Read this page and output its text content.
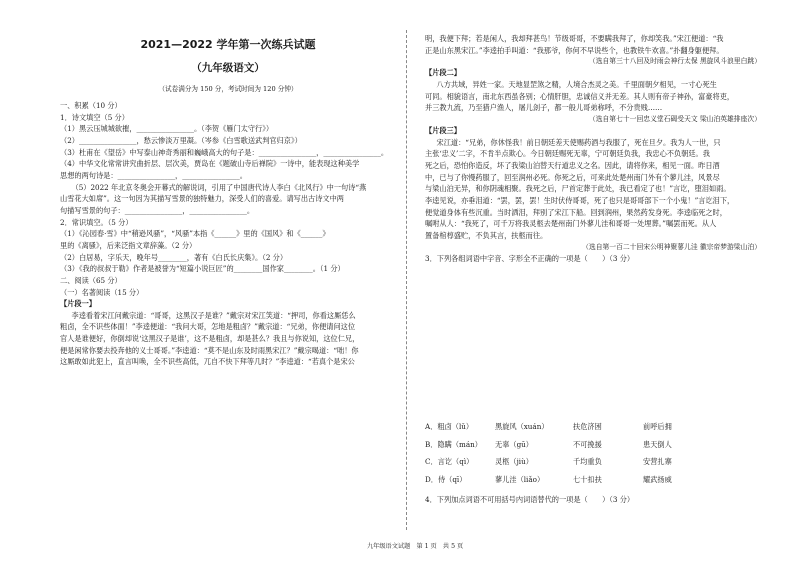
2021—2022 学年第一次练兵试题
（九年级语文）
（试卷满分为 150 分，考试时间为 120 分钟）
一、积累（10 分）
1．诗文填空（5 分）
（1）黑云压城城欲摧，________________。（李贺《雁门太守行》）
（2）________________，愁云惨淡万里凝。（岑参《白雪歌送武判官归京》）
（3）杜甫在《望岳》中写泰山神奇秀丽和巍峨高大的句子是：________________，________________。
（4）中华文化常常讲究曲折层、层次美，贾岛在《题破山寺后禅院》一诗中，能表现这种美学
思想的两句诗是：________________，________________。
（5）2022 年北京冬奥会开幕式的解说词，引用了中国唐代诗人李白《北风行》中一句诗“燕
山雪花大如席”。这一句因为其描写雪景的独特魅力，深受人们的喜爱。请写出古诗文中两
句描写雪景的句子：________________，________________。
2．常识填空。（5 分）
（1）《沁园春·雪》中“稍逊风骚”，“风骚”本指《______》里的《国风》和《______》
里的《离骚》，后来泛指文章辞藻。（2 分）
（2）白居易，字乐天，晚年号________，著有《白氏长庆集》。（2 分）
（3）《我的叔叔于勒》作者是被誉为“短篇小说巨匠”的________国作家________。（1 分）
二、阅读（65 分）
（一）名著阅读（15 分）
【片段一】
李逵看着宋江问戴宗道：“哥哥，这黑汉子是谁？”戴宗对宋江笑道：“押司，你看这厮恁么
粗卤，全不识些体面！”李逵便道：“我问大哥，怎地是粗卤？”戴宗道：“兄弟，你便请问这位
官人是谁便好，你倒却说‘这黑汉子是谁’，这不是粗卤，却是甚么？我且与你说知，这位仁兄，
便是闲常你要去投奔他的义士哥哥。”李逵道：“莫不是山东及时雨黑宋江？”戴宗喝道：“咄！你
这厮敢如此犯上，直言叫唤，全不识些高低，兀自不快下拜等几时？”李逵道：“若真个是宋公
明，我便下拜；若是闲人，我却拜甚鸟！节级哥哥，不要瞒我拜了，你却笑我。”宋江便道：“我
正是山东黑宋江。”李逵拍手叫道：“我那爷，你何不早说些个，也教铁牛欢喜。”扑翻身躯便拜。
（选自第三十八回及时雨会神行太保 黑旋风斗浪里白跳）
【片段二】
八方共域，异姓一家。天地显罡煞之精，人境合杰灵之美。千里面朝夕相见，一寸心死生
可同。相貌语言，南北东西虽各别；心情肝胆，忠诚信义并无差。其人则有帝子神孙，富豪将吏，
并三教九流，乃至猎户渔人，屠儿刽子，都一般儿哥弟称呼，不分贵贱……
（选自第七十一回忠义堂石碣受天文 梁山泊英雄排座次）
【片段三】
宋江道：“兄弟，你休怪我！前日朝廷差天使赐药酒与我服了，死在旦夕。我为人一世，只
主张‘忠义’二字，不肯半点欺心。今日朝廷赐死无辜，宁可朝廷负我，我忠心不负朝廷。我
死之后，恐怕你造反，坏了我梁山泊替天行道忠义之名。因此，请将你来，相见一面。昨日酒
中，已与了你慢药服了，回至润州必死。你死之后，可来此处楚州南门外有个蓼儿洼，风景尽
与梁山泊无异，和你阴魂相聚。我死之后，尸首定葬于此处，我已看定了也！”言讫，堕泪如雨。
李逵见说，亦垂泪道：“罢，罢，罢！生时伏侍哥哥，死了也只是哥哥部下一个小鬼！”言讫泪下，
便觉道身体有些沉重。当时洒泪，拜别了宋江下船。回到润州，果然药发身死。李逵临死之时，
嘱咐从人：“我死了，可千万将我灵柩去楚州南门外蓼儿洼和哥哥一处埋葬。”嘱罢而死。从人
置备棺椁盛贮，不负其言，扶柩而往。
（选自第一百二十回宋公明神聚蓼儿洼 徽宗帝梦游梁山泊）
3．下列各组词语中字音、字形全不正确的一项是（　　）（3 分）
A．粗卤（lǔ）	黑旋风（xuán）	扶危济困	前呼后拥
B．隐瞒（mán）	无辜（gū）	不可挽援	患天倒人
C．言讫（qì）	灵柩（jiù）	千均重负	安营扎寨
D．侍（qī）	蓼儿洼（liǎo）	七十扣扶	耀武扬威
4．下列加点词语不可用括号内词语替代的一项是（　　）（3 分）
九年级语文试题　第 1 页　共 5 页
